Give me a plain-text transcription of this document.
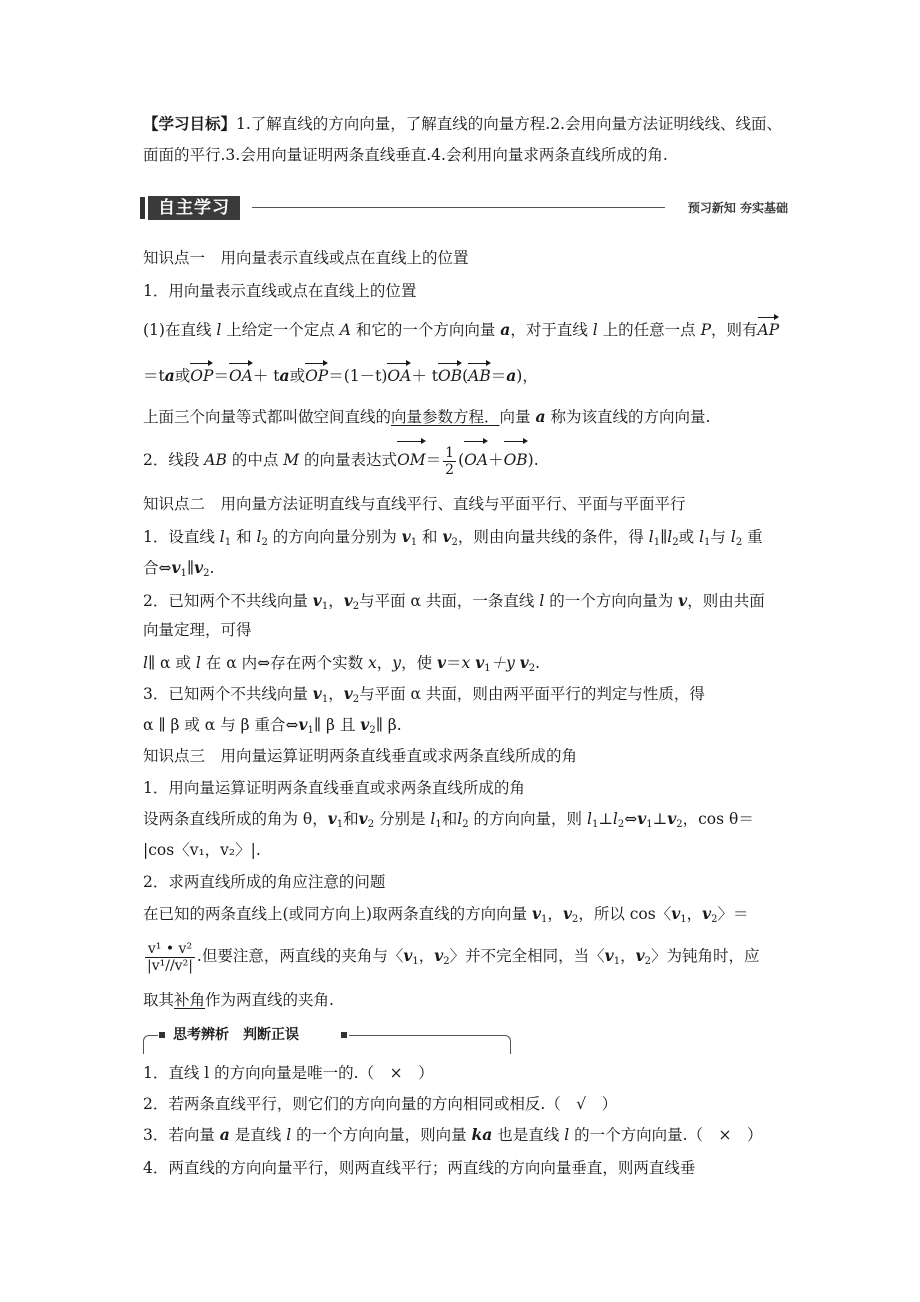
【学习目标】1.了解直线的方向向量，了解直线的向量方程.2.会用向量方法证明线线、线面、
面面的平行.3.会用向量证明两条直线垂直.4.会利用向量求两条直线所成的角.
自主学习	预习新知 夯实基础
知识点一　用向量表示直线或点在直线上的位置
1．用向量表示直线或点在直线上的位置
(1)在直线 l 上给定一个定点 A 和它的一个方向向量 a，对于直线 l 上的任意一点 P，则有AP
＝ta或OP＝OA＋ ta或OP＝(1－t)OA＋ tOB(AB＝a)，
上面三个向量等式都叫做空间直线的向量参数方程．向量 a 称为该直线的方向向量.
2．线段 AB 的中点 M 的向量表达式$OM= \frac{1}{2} (OA+OB)$.
知识点二　用向量方法证明直线与直线平行、直线与平面平行、平面与平面平行
1．设直线 $l_1$ 和 $l_2$ 的方向向量分别为 $v_1$ 和 $v_2$，则由向量共线的条件，得 $l_1\parallel l_2$或 $l_1$与 $l_2$ 重
合$\Leftrightarrow v_1\parallel v_2$.
2．已知两个不共线向量 $v_1$，$v_2$与平面 α 共面，一条直线 l 的一个方向向量为 v，则由共面
向量定理，可得
l∥ α 或 l 在 α 内⇔存在两个实数 x，y，使 v＝x $v_1+y$ $v_2$.
3．已知两个不共线向量 $v_1$，$v_2$与平面 α 共面，则由两平面平行的判定与性质，得
α ∥ β 或 α 与 β 重合$\Leftrightarrow v_1\parallel$ β 且 $v_2\parallel$ β.
知识点三　用向量运算证明两条直线垂直或求两条直线所成的角
1．用向量运算证明两条直线垂直或求两条直线所成的角
设两条直线所成的角为 θ，$v_1$和$v_2$ 分别是 $l_1$和$l_2$ 的方向向量，则 $l_1\perp l_2\Leftrightarrow v_1\perp v_2$，cos θ＝
|cos〈v₁，v₂〉|.
2．求两直线所成的角应注意的问题
在已知的两条直线上(或同方向上)取两条直线的方向向量 $v_1$，$v_2$，所以 cos〈$v_1$，$v_2$〉＝
$\frac{\text{v¹ • v²}}{\text{|v¹//v²|}}$ .但要注意，两直线的夹角与〈$v_1$，$v_2$〉并不完全相同，当〈$v_1$，$v_2$〉为钝角时，应
取其补角作为两直线的夹角.
思考辨析　判断正误
1．直线 l 的方向向量是唯一的.（　×　）
2．若两条直线平行，则它们的方向向量的方向相同或相反.（　√　）
3．若向量 a 是直线 l 的一个方向向量，则向量 ka 也是直线 l 的一个方向向量.（　×　）
4．两直线的方向向量平行，则两直线平行；两直线的方向向量垂直，则两直线垂
